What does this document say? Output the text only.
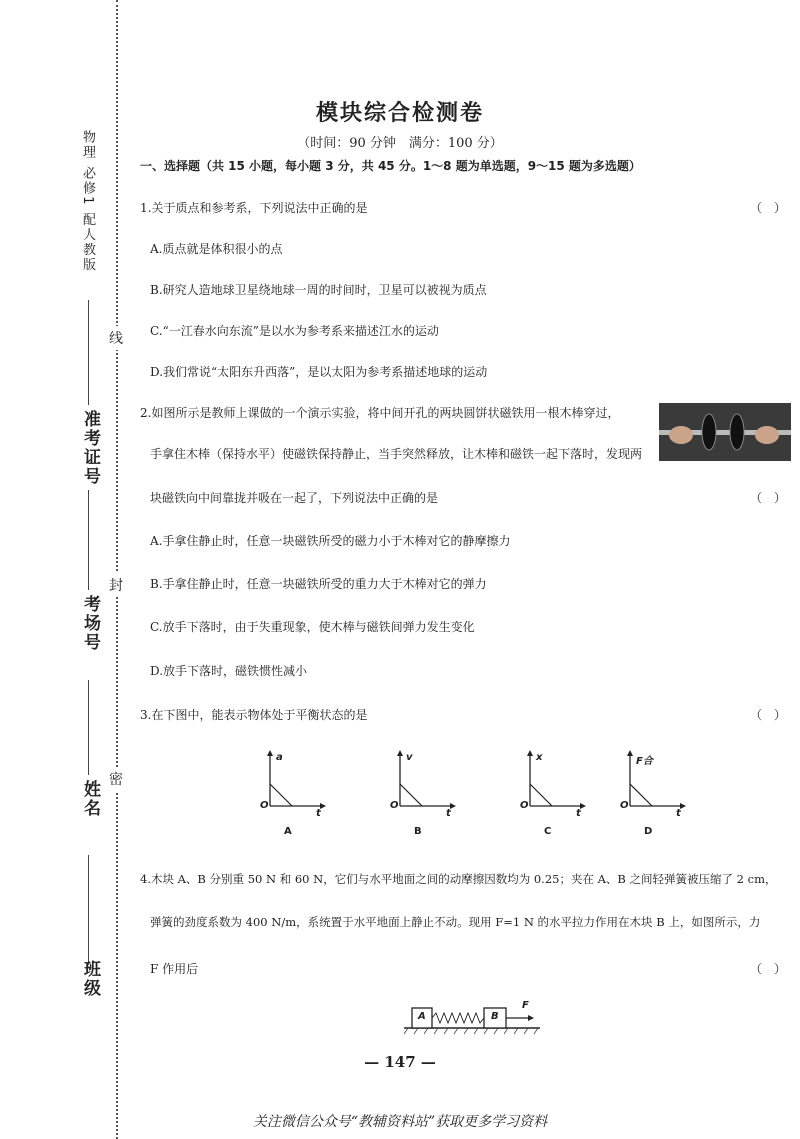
物理 必修1 配人教版
准考证号
考场号
姓名
班级
线
封
密
模块综合检测卷
（时间：90 分钟　满分：100 分）
一、选择题（共 15 小题，每小题 3 分，共 45 分。1～8 题为单选题，9～15 题为多选题）
1.关于质点和参考系，下列说法中正确的是	（　）
A.质点就是体积很小的点
B.研究人造地球卫星绕地球一周的时间时，卫星可以被视为质点
C.“一江春水向东流”是以水为参考系来描述江水的运动
D.我们常说“太阳东升西落”，是以太阳为参考系描述地球的运动
2.如图所示是教师上课做的一个演示实验，将中间开孔的两块圆饼状磁铁用一根木棒穿过，
手拿住木棒（保持水平）使磁铁保持静止，当手突然释放，让木棒和磁铁一起下落时，发现两
块磁铁向中间靠拢并吸在一起了，下列说法中正确的是	（　）
A.手拿住静止时，任意一块磁铁所受的磁力小于木棒对它的静摩擦力
B.手拿住静止时，任意一块磁铁所受的重力大于木棒对它的弹力
C.放手下落时，由于失重现象，使木棒与磁铁间弹力发生变化
D.放手下落时，磁铁惯性减小
3.在下图中，能表示物体处于平衡状态的是	（　）
a
O
t
A
v
O
t
B
x
O
t
C
F合
O
t
D
4.木块 A、B 分别重 50 N 和 60 N，它们与水平地面之间的动摩擦因数均为 0.25；夹在 A、B 之间轻弹簧被压缩了 2 cm，
弹簧的劲度系数为 400 N/m，系统置于水平地面上静止不动。现用 F=1 N 的水平拉力作用在木块 B 上，如图所示，力
F 作用后	（　）
A	B
F
— 147 —
关注微信公众号“教辅资料站”获取更多学习资料
